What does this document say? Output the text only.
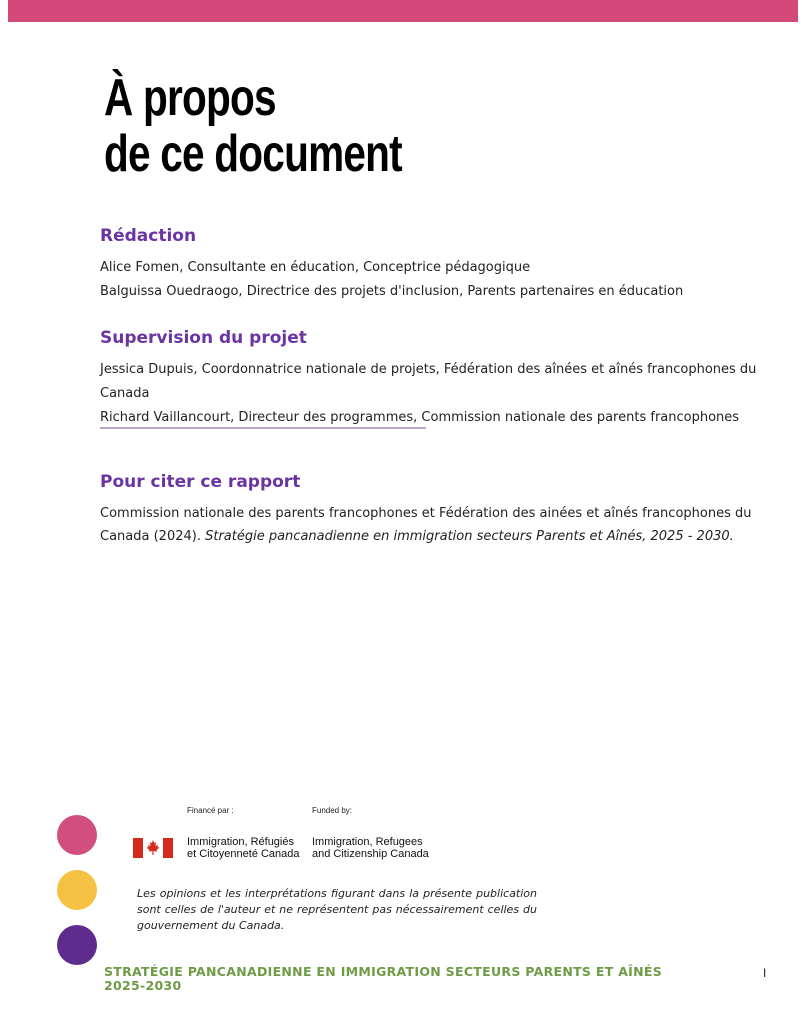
À propos
de ce document
Rédaction

Alice Fomen, Consultante en éducation, Conceptrice pédagogique

Balguissa Ouedraogo, Directrice des projets d'inclusion, Parents partenaires en éducation

Supervision du projet

Jessica Dupuis, Coordonnatrice nationale de projets, Fédération des aînées et aînés francophones du Canada

Richard Vaillancourt, Directeur des programmes, Commission nationale des parents francophones

Pour citer ce rapport

Commission nationale des parents francophones et Fédération des ainées et aînés francophones du Canada (2024). Stratégie pancanadienne en immigration secteurs Parents et Aînés, 2025 - 2030.

Financé par :	Funded by:
Immigration, Réfugiés
et Citoyenneté Canada
Immigration, Refugees
and Citizenship Canada

Les opinions et les interprétations figurant dans la présente publication sont celles de l'auteur et ne représentent pas nécessairement celles du gouvernement du Canada.

STRATÉGIE PANCANADIENNE EN IMMIGRATION SECTEURS PARENTS ET AÎNÉS
2025-2030
I
